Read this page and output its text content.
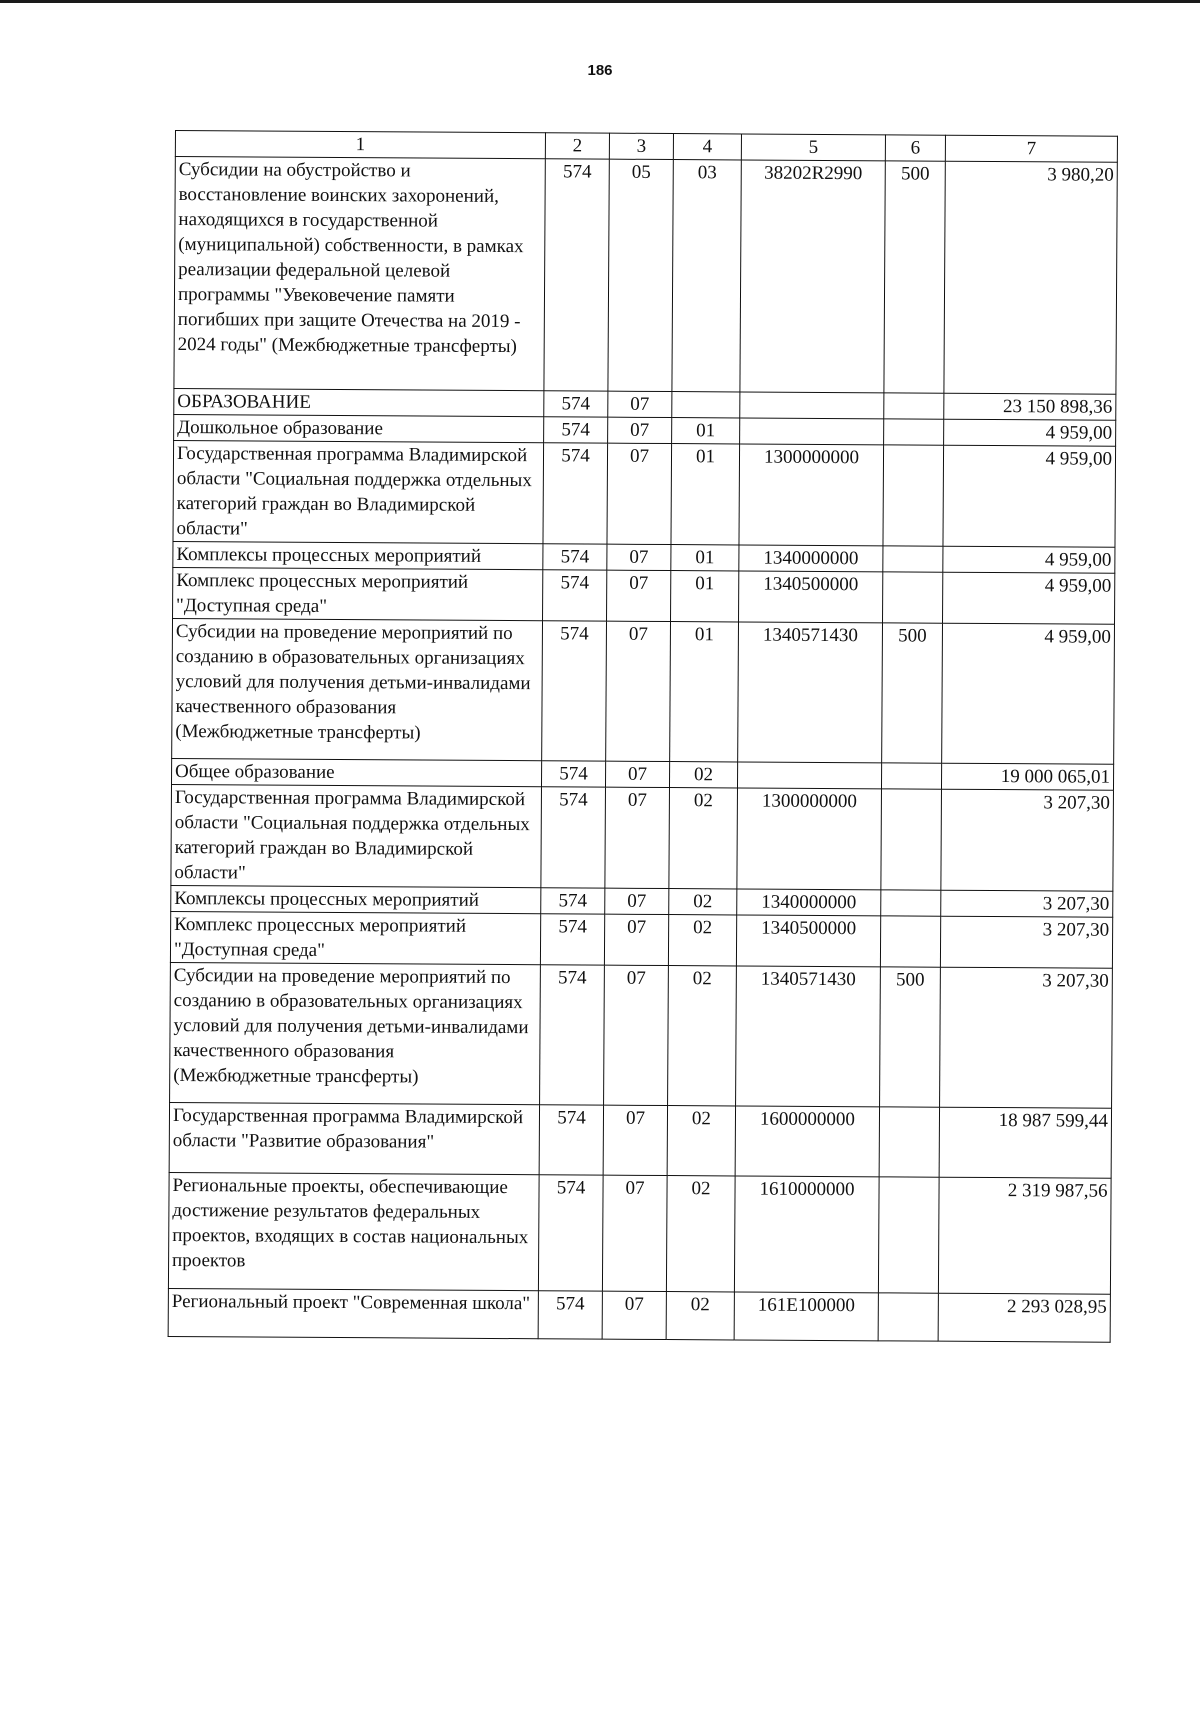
186
1	2	3	4	5	6	7
Субсидии на обустройство и восстановление воинских захоронений, находящихся в государственной (муниципальной) собственности, в рамках реализации федеральной целевой программы "Увековечение памяти погибших при защите Отечества на 2019 - 2024 годы" (Межбюджетные трансферты)	574	05	03	38202R2990	500	3 980,20
ОБРАЗОВАНИЕ	574	07				23 150 898,36
Дошкольное образование	574	07	01			4 959,00
Государственная программа Владимирской области "Социальная поддержка отдельных категорий граждан во Владимирской области"	574	07	01	1300000000		4 959,00
Комплексы процессных мероприятий	574	07	01	1340000000		4 959,00
Комплекс процессных мероприятий "Доступная среда"	574	07	01	1340500000		4 959,00
Субсидии на проведение мероприятий по созданию в образовательных организациях условий для получения детьми-инвалидами качественного образования (Межбюджетные трансферты)	574	07	01	1340571430	500	4 959,00
Общее образование	574	07	02			19 000 065,01
Государственная программа Владимирской области "Социальная поддержка отдельных категорий граждан во Владимирской области"	574	07	02	1300000000		3 207,30
Комплексы процессных мероприятий	574	07	02	1340000000		3 207,30
Комплекс процессных мероприятий "Доступная среда"	574	07	02	1340500000		3 207,30
Субсидии на проведение мероприятий по созданию в образовательных организациях условий для получения детьми-инвалидами качественного образования (Межбюджетные трансферты)	574	07	02	1340571430	500	3 207,30
Государственная программа Владимирской области "Развитие образования"	574	07	02	1600000000		18 987 599,44
Региональные проекты, обеспечивающие достижение результатов федеральных проектов, входящих в состав национальных проектов	574	07	02	1610000000		2 319 987,56
Региональный проект "Современная школа"	574	07	02	161E100000		2 293 028,95
